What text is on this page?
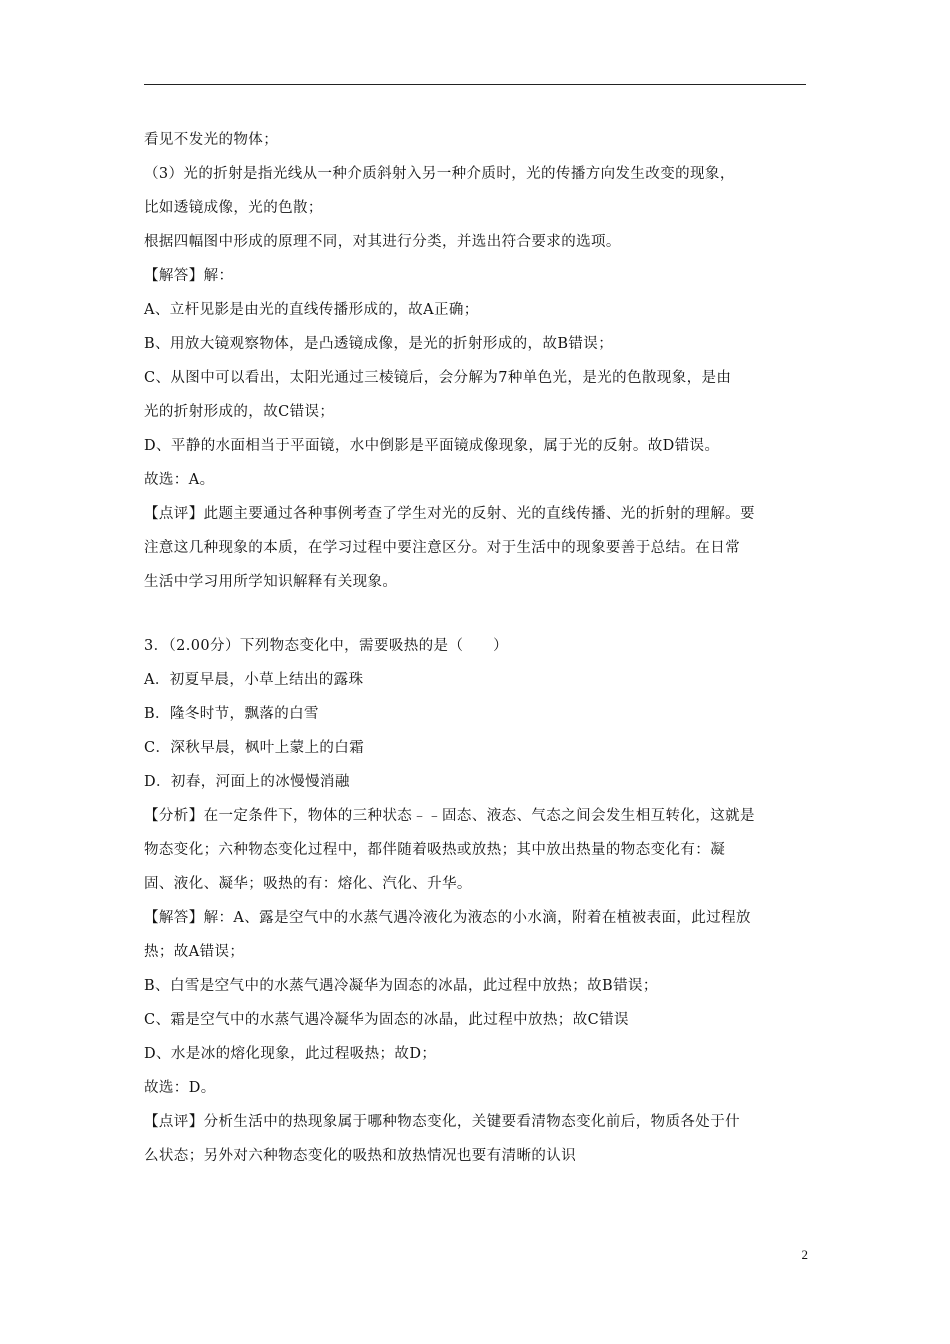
看见不发光的物体；
（3）光的折射是指光线从一种介质斜射入另一种介质时，光的传播方向发生改变的现象，
比如透镜成像，光的色散；
根据四幅图中形成的原理不同，对其进行分类，并选出符合要求的选项。
【解答】解：
A、立杆见影是由光的直线传播形成的，故A正确；
B、用放大镜观察物体，是凸透镜成像，是光的折射形成的，故B错误；
C、从图中可以看出，太阳光通过三棱镜后，会分解为7种单色光，是光的色散现象，是由
光的折射形成的，故C错误；
D、平静的水面相当于平面镜，水中倒影是平面镜成像现象，属于光的反射。故D错误。
故选：A。
【点评】此题主要通过各种事例考查了学生对光的反射、光的直线传播、光的折射的理解。要
注意这几种现象的本质，在学习过程中要注意区分。对于生活中的现象要善于总结。在日常
生活中学习用所学知识解释有关现象。
3．（2.00分）下列物态变化中，需要吸热的是（　　）
A．初夏早晨，小草上结出的露珠
B．隆冬时节，飘落的白雪
C．深秋早晨，枫叶上蒙上的白霜
D．初春，河面上的冰慢慢消融
【分析】在一定条件下，物体的三种状态﹣﹣固态、液态、气态之间会发生相互转化，这就是
物态变化；六种物态变化过程中，都伴随着吸热或放热；其中放出热量的物态变化有：凝
固、液化、凝华；吸热的有：熔化、汽化、升华。
【解答】解：A、露是空气中的水蒸气遇冷液化为液态的小水滴，附着在植被表面，此过程放
热；故A错误；
B、白雪是空气中的水蒸气遇冷凝华为固态的冰晶，此过程中放热；故B错误；
C、霜是空气中的水蒸气遇冷凝华为固态的冰晶，此过程中放热；故C错误
D、水是冰的熔化现象，此过程吸热；故D；
故选：D。
【点评】分析生活中的热现象属于哪种物态变化，关键要看清物态变化前后，物质各处于什
么状态；另外对六种物态变化的吸热和放热情况也要有清晰的认识
2
